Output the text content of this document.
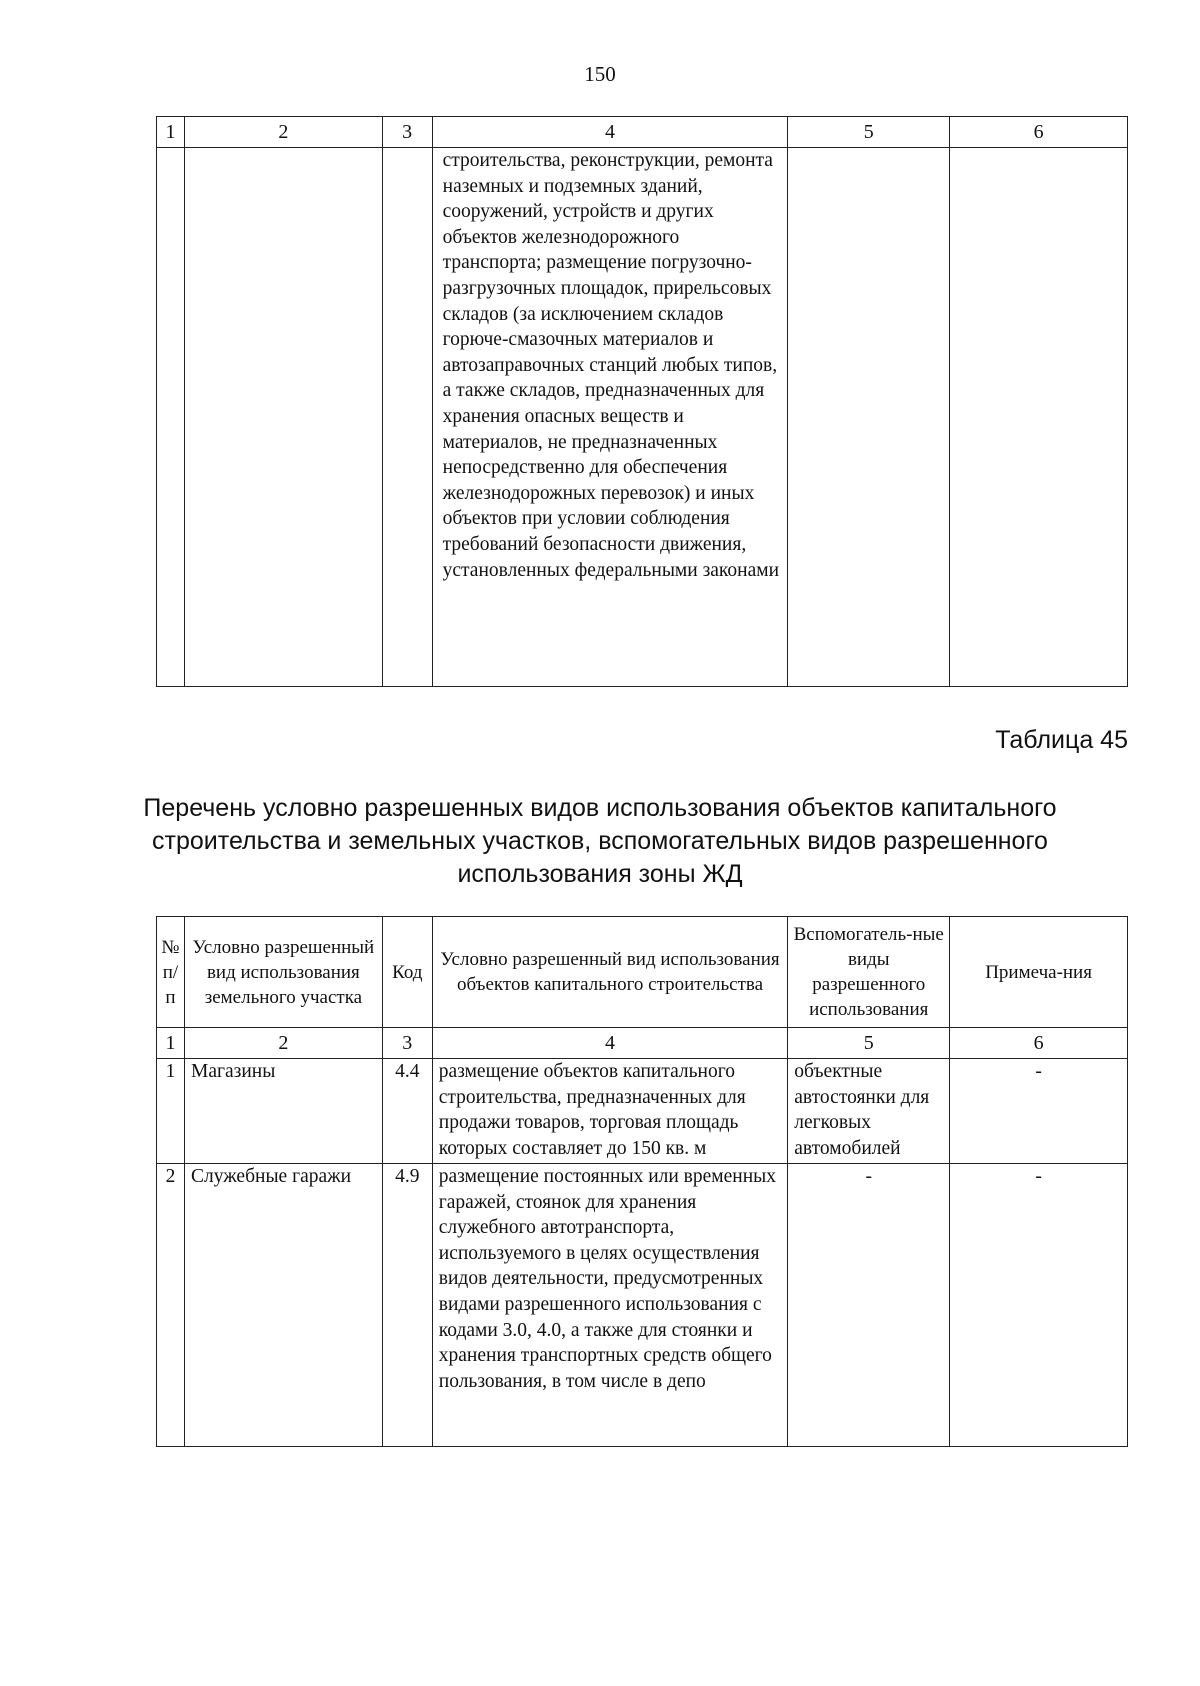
150
1	2	3	4	5	6
			строительства, реконструкции, ремонта наземных и подземных зданий, сооружений, устройств и других объектов железнодорожного транспорта; размещение погрузочно-разгрузочных площадок, прирельсовых складов (за исключением складов горюче-смазочных материалов и автозаправочных станций любых типов, а также складов, предназначенных для хранения опасных веществ и материалов, не предназначенных непосредственно для обеспечения железнодорожных перевозок) и иных объектов при условии соблюдения требований безопасности движения, установленных федеральными законами		
Таблица 45
Перечень условно разрешенных видов использования объектов капитального строительства и земельных участков, вспомогательных видов разрешенного использования зоны ЖД
№ п/п	Условно разрешенный вид использования земельного участка	Код	Условно разрешенный вид использования объектов капитального строительства	Вспомогатель-ные виды разрешенного использования	Примеча-ния
1	2	3	4	5	6
1	Магазины	4.4	размещение объектов капитального строительства, предназначенных для продажи товаров, торговая площадь которых составляет до 150 кв. м	объектные автостоянки для легковых автомобилей	-
2	Служебные гаражи	4.9	размещение постоянных или временных гаражей, стоянок для хранения служебного автотранспорта, используемого в целях осуществления видов деятельности, предусмотренных видами разрешенного использования с кодами 3.0, 4.0, а также для стоянки и хранения транспортных средств общего пользования, в том числе в депо	-	-
